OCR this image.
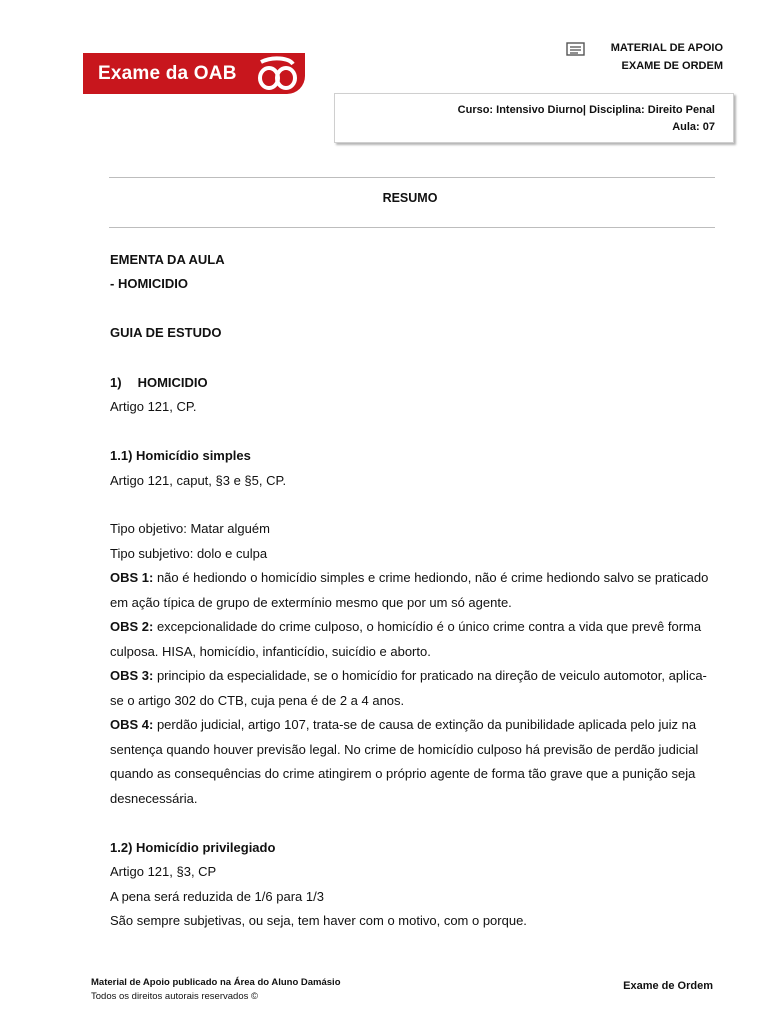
Exame da OAB
MATERIAL DE APOIO
EXAME DE ORDEM
Curso: Intensivo Diurno| Disciplina: Direito Penal
Aula: 07
RESUMO
EMENTA DA AULA
- HOMICIDIO
GUIA DE ESTUDO
1) HOMICIDIO
Artigo 121, CP.
1.1) Homicídio simples
Artigo 121, caput, §3 e §5, CP.
Tipo objetivo: Matar alguém
Tipo subjetivo: dolo e culpa
OBS 1: não é hediondo o homicídio simples e crime hediondo, não é crime hediondo salvo se praticado
em ação típica de grupo de extermínio mesmo que por um só agente.
OBS 2: excepcionalidade do crime culposo, o homicídio é o único crime contra a vida que prevê forma
culposa. HISA, homicídio, infanticídio, suicídio e aborto.
OBS 3: principio da especialidade, se o homicídio for praticado na direção de veiculo automotor, aplica-
se o artigo 302 do CTB, cuja pena é de 2 a 4 anos.
OBS 4: perdão judicial, artigo 107, trata-se de causa de extinção da punibilidade aplicada pelo juiz na
sentença quando houver previsão legal. No crime de homicídio culposo há previsão de perdão judicial
quando as consequências do crime atingirem o próprio agente de forma tão grave que a punição seja
desnecessária.
1.2) Homicídio privilegiado
Artigo 121, §3, CP
A pena será reduzida de 1/6 para 1/3
São sempre subjetivas, ou seja, tem haver com o motivo, com o porque.
Material de Apoio publicado na Área do Aluno Damásio
Todos os direitos autorais reservados ©
Exame de Ordem
